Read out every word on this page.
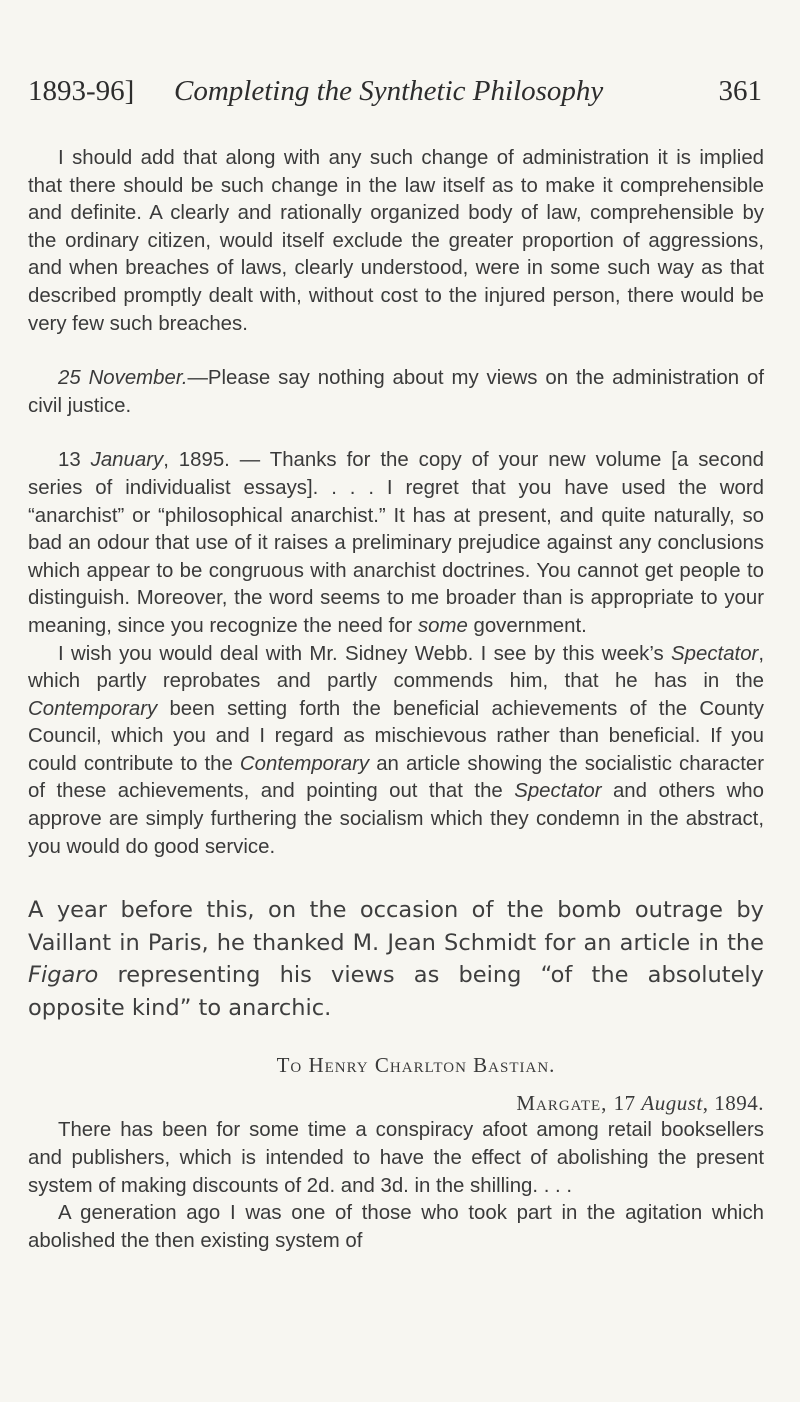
1893-96] Completing the Synthetic Philosophy	361

I should add that along with any such change of administration it is implied that there should be such change in the law itself as to make it comprehensible and definite. A clearly and rationally organized body of law, comprehensible by the ordinary citizen, would itself exclude the greater proportion of aggressions, and when breaches of laws, clearly understood, were in some such way as that described promptly dealt with, without cost to the injured person, there would be very few such breaches.

25 November.—Please say nothing about my views on the administration of civil justice.

13 January, 1895. — Thanks for the copy of your new volume [a second series of individualist essays]. . . . I regret that you have used the word “anarchist” or “philosophical anarchist.” It has at present, and quite naturally, so bad an odour that use of it raises a preliminary prejudice against any conclusions which appear to be congruous with anarchist doctrines. You cannot get people to distinguish. Moreover, the word seems to me broader than is appropriate to your meaning, since you recognize the need for some government.

I wish you would deal with Mr. Sidney Webb. I see by this week’s Spectator, which partly reprobates and partly commends him, that he has in the Contemporary been setting forth the beneficial achievements of the County Council, which you and I regard as mischievous rather than beneficial. If you could contribute to the Contemporary an article showing the socialistic character of these achievements, and pointing out that the Spectator and others who approve are simply furthering the socialism which they condemn in the abstract, you would do good service.

A year before this, on the occasion of the bomb outrage by Vaillant in Paris, he thanked M. Jean Schmidt for an article in the Figaro representing his views as being “of the absolutely opposite kind” to anarchic.

To Henry Charlton Bastian.

Margate, 17 August, 1894.

There has been for some time a conspiracy afoot among retail booksellers and publishers, which is intended to have the effect of abolishing the present system of making discounts of 2d. and 3d. in the shilling. . . .

A generation ago I was one of those who took part in the agitation which abolished the then existing system of
